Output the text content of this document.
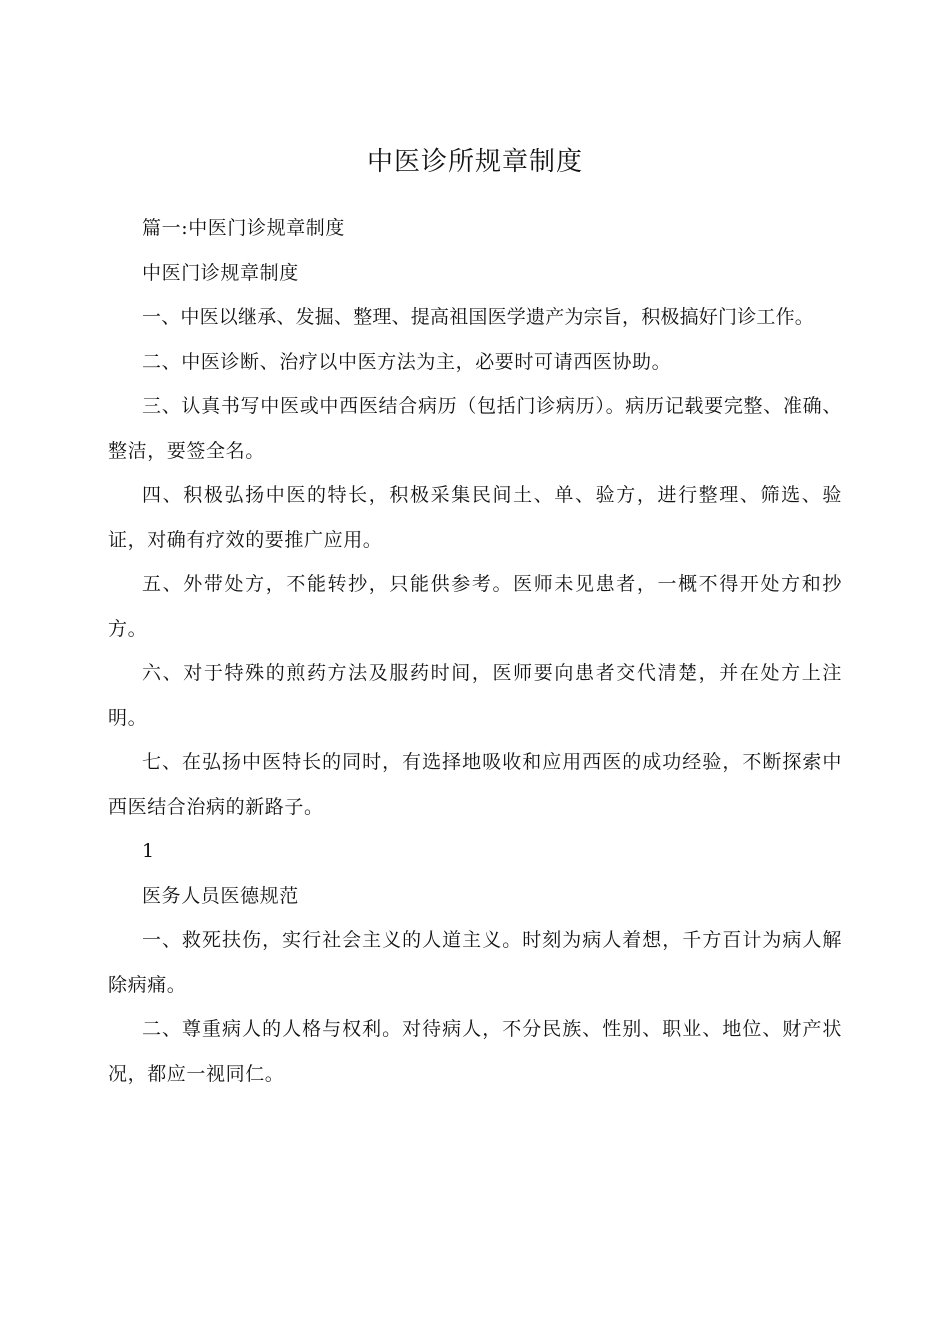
中医诊所规章制度

篇一:中医门诊规章制度

中医门诊规章制度

一、中医以继承、发掘、整理、提高祖国医学遗产为宗旨，积极搞好门诊工作。

二、中医诊断、治疗以中医方法为主，必要时可请西医协助。

三、认真书写中医或中西医结合病历（包括门诊病历）。病历记载要完整、准确、整洁，要签全名。

四、积极弘扬中医的特长，积极采集民间土、单、验方，进行整理、筛选、验证，对确有疗效的要推广应用。

五、外带处方，不能转抄，只能供参考。医师未见患者，一概不得开处方和抄方。

六、对于特殊的煎药方法及服药时间，医师要向患者交代清楚，并在处方上注明。

七、在弘扬中医特长的同时，有选择地吸收和应用西医的成功经验，不断探索中西医结合治病的新路子。

1

医务人员医德规范

一、救死扶伤，实行社会主义的人道主义。时刻为病人着想，千方百计为病人解除病痛。

二、尊重病人的人格与权利。对待病人，不分民族、性别、职业、地位、财产状况，都应一视同仁。
